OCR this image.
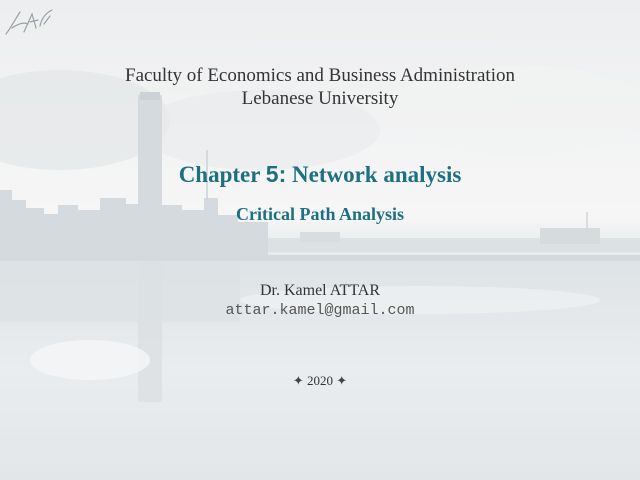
Faculty of Economics and Business Administration

Lebanese University

Chapter 5: Network analysis

Critical Path Analysis

Dr. Kamel ATTAR

attar.kamel@gmail.com

✦ 2020 ✦
